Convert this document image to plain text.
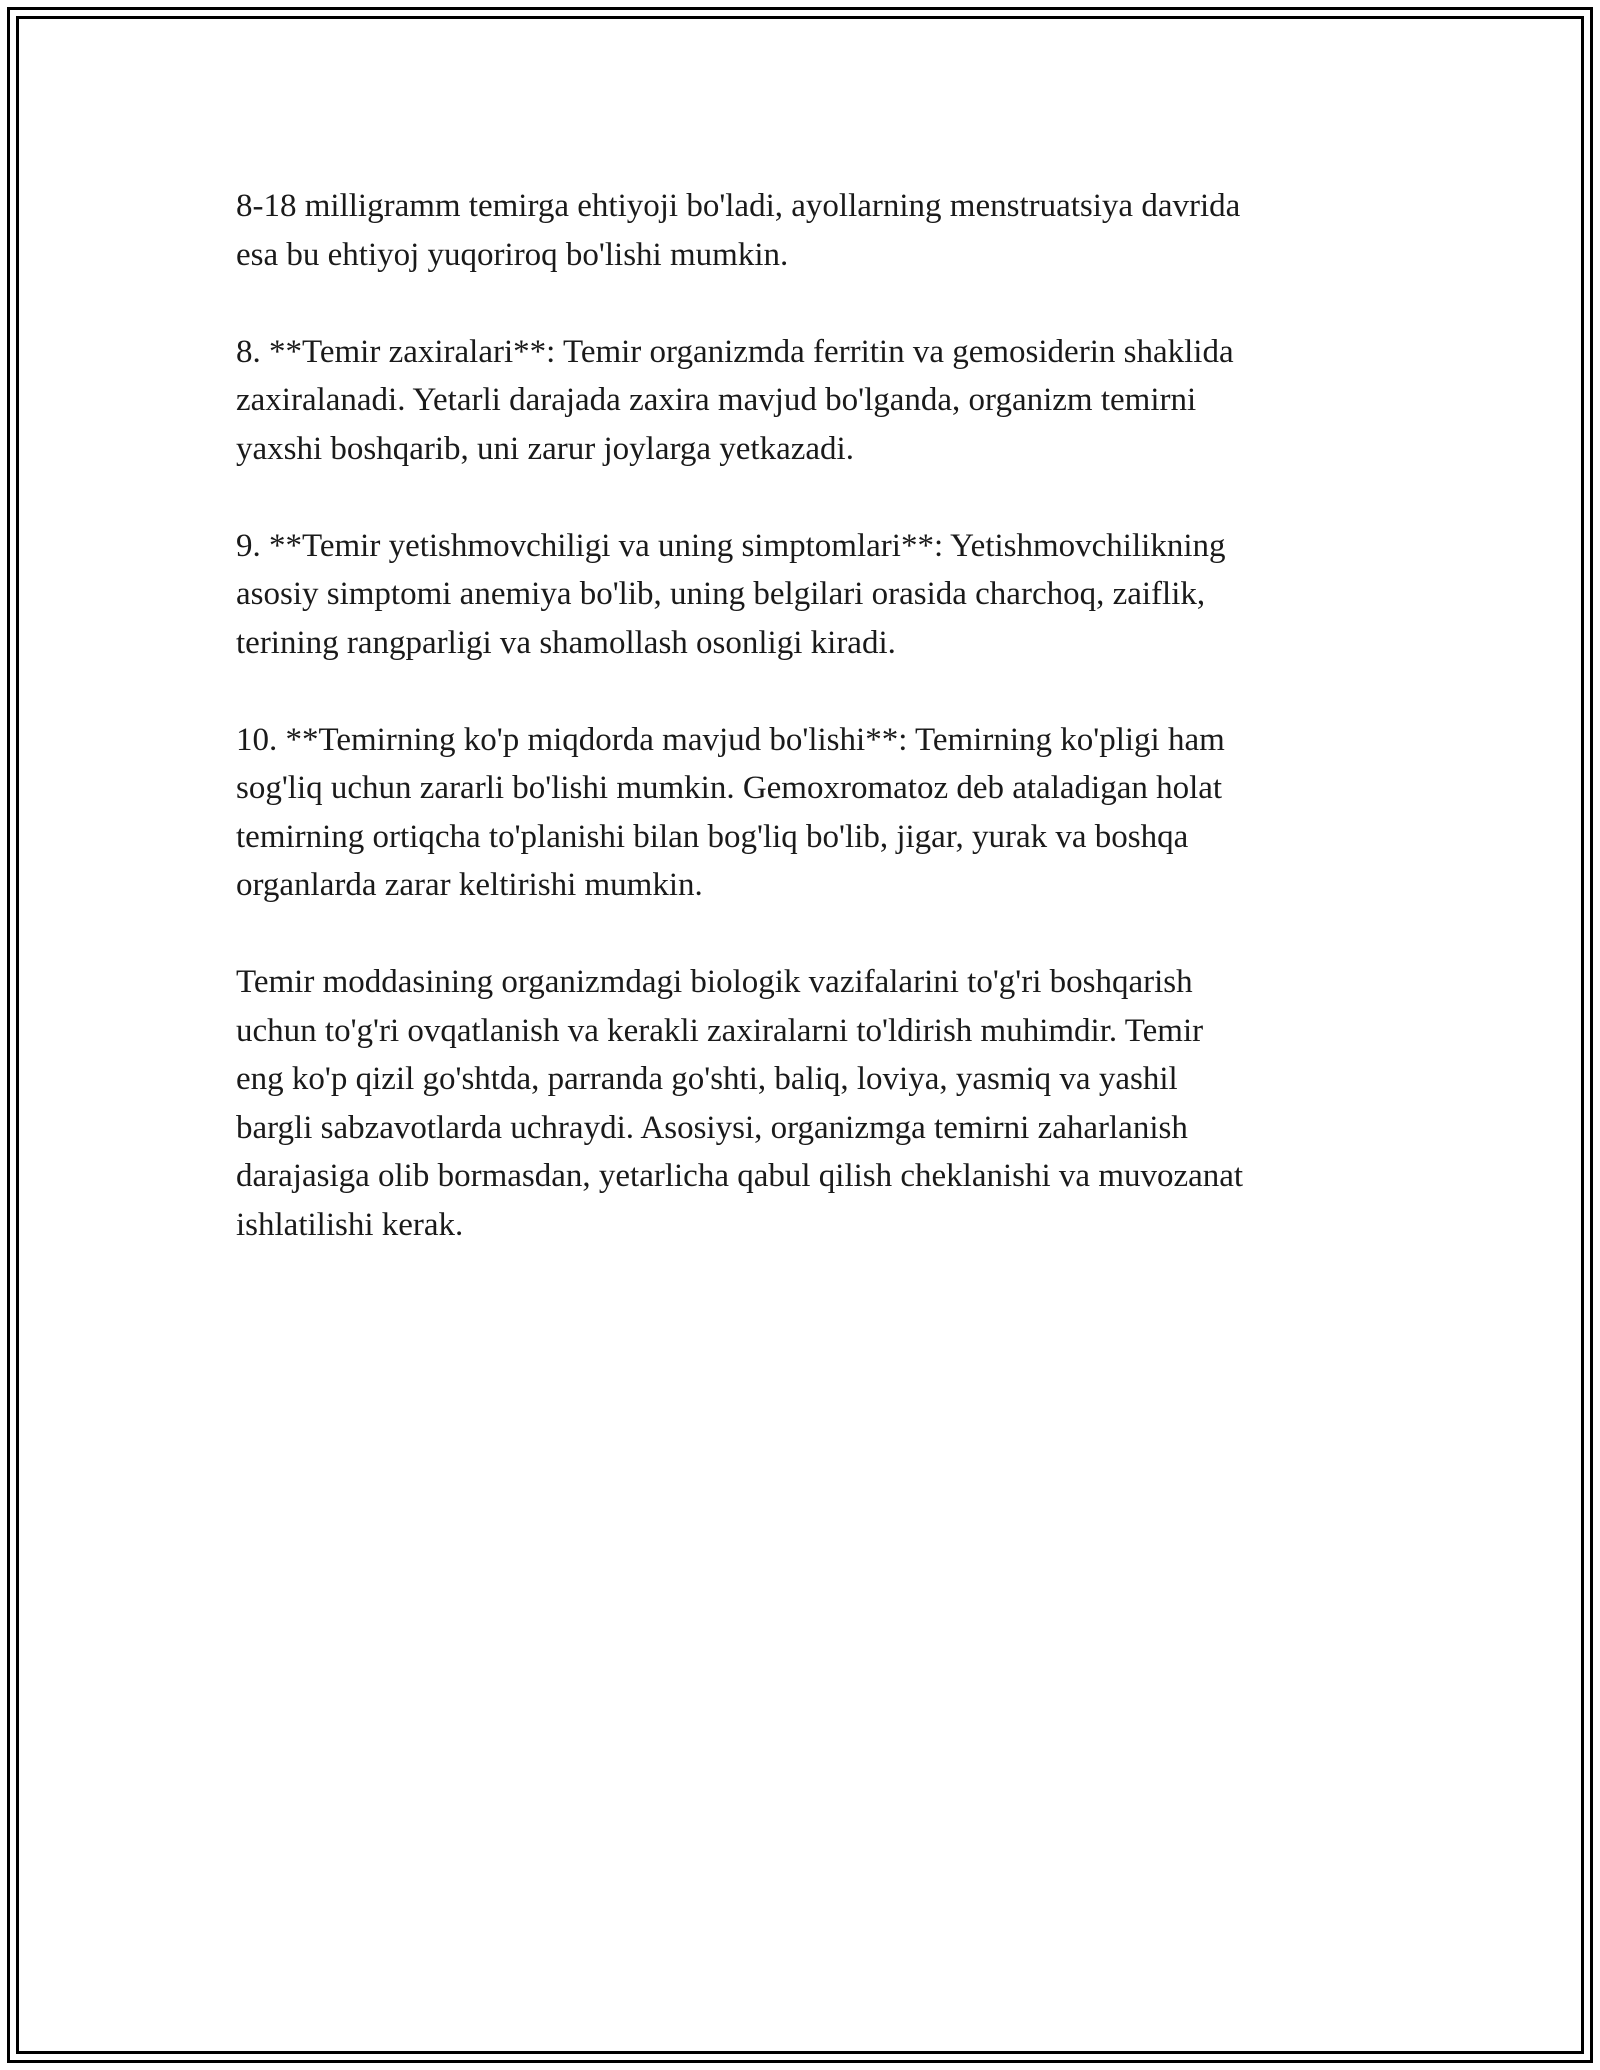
8-18 milligramm temirga ehtiyoji bo'ladi, ayollarning menstruatsiya davrida
esa bu ehtiyoj yuqoriroq bo'lishi mumkin.

8. **Temir zaxiralari**: Temir organizmda ferritin va gemosiderin shaklida
zaxiralanadi. Yetarli darajada zaxira mavjud bo'lganda, organizm temirni
yaxshi boshqarib, uni zarur joylarga yetkazadi.

9. **Temir yetishmovchiligi va uning simptomlari**: Yetishmovchilikning
asosiy simptomi anemiya bo'lib, uning belgilari orasida charchoq, zaiflik,
terining rangparligi va shamollash osonligi kiradi.

10. **Temirning ko'p miqdorda mavjud bo'lishi**: Temirning ko'pligi ham
sog'liq uchun zararli bo'lishi mumkin. Gemoxromatoz deb ataladigan holat
temirning ortiqcha to'planishi bilan bog'liq bo'lib, jigar, yurak va boshqa
organlarda zarar keltirishi mumkin.

Temir moddasining organizmdagi biologik vazifalarini to'g'ri boshqarish
uchun to'g'ri ovqatlanish va kerakli zaxiralarni to'ldirish muhimdir. Temir
eng ko'p qizil go'shtda, parranda go'shti, baliq, loviya, yasmiq va yashil
bargli sabzavotlarda uchraydi. Asosiysi, organizmga temirni zaharlanish
darajasiga olib bormasdan, yetarlicha qabul qilish cheklanishi va muvozanat
ishlatilishi kerak.
